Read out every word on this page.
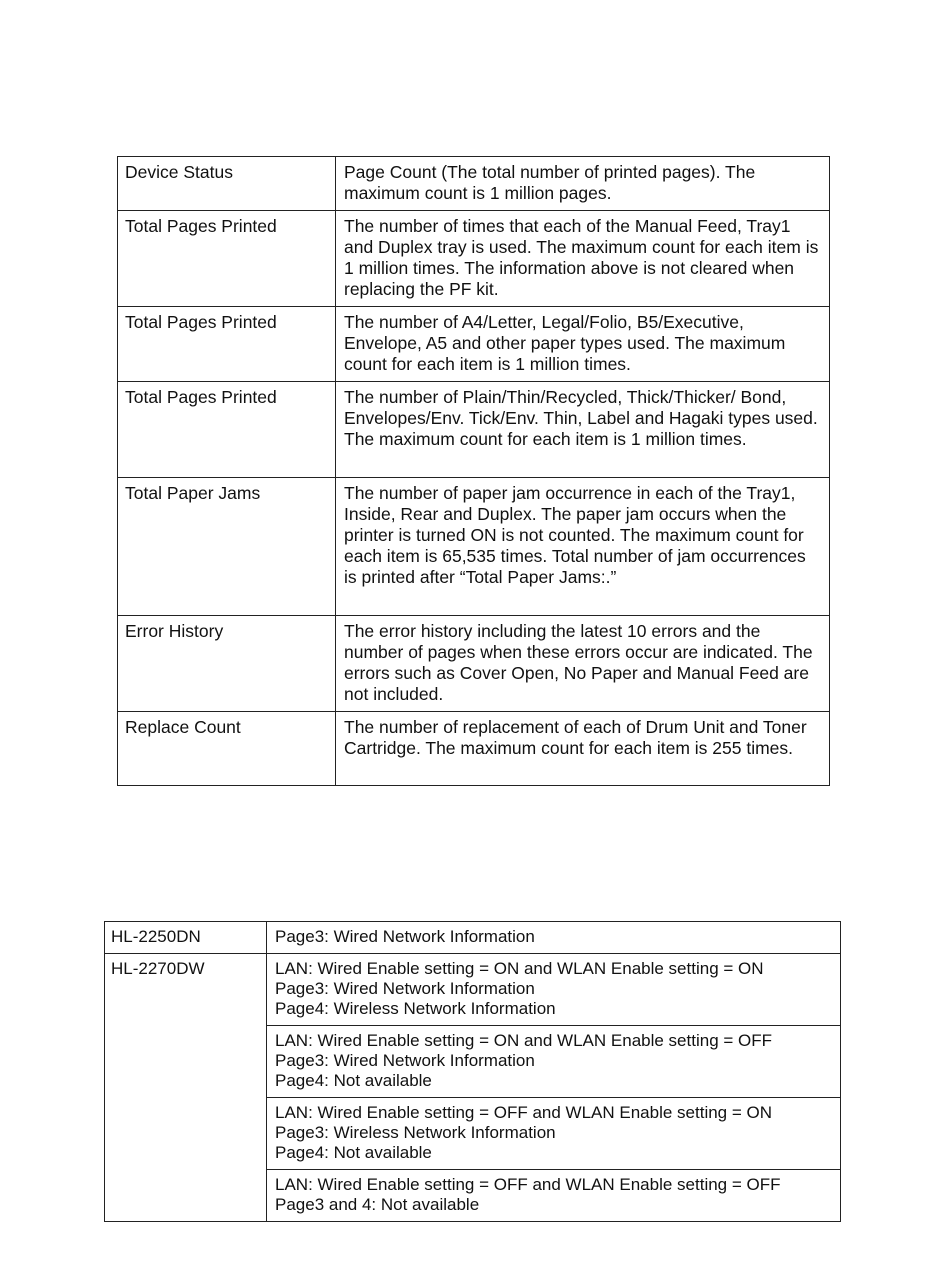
Device Status	Page Count (The total number of printed pages). The maximum count is 1 million pages.
Total Pages Printed	The number of times that each of the Manual Feed, Tray1 and Duplex tray is used. The maximum count for each item is 1 million times. The information above is not cleared when replacing the PF kit.
Total Pages Printed	The number of A4/Letter, Legal/Folio, B5/Executive, Envelope, A5 and other paper types used. The maximum count for each item is 1 million times.
Total Pages Printed	The number of Plain/Thin/Recycled, Thick/Thicker/ Bond, Envelopes/Env. Tick/Env. Thin, Label and Hagaki types used. The maximum count for each item is 1 million times.
Total Paper Jams	The number of paper jam occurrence in each of the Tray1, Inside, Rear and Duplex. The paper jam occurs when the printer is turned ON is not counted. The maximum count for each item is 65,535 times. Total number of jam occurrences is printed after “Total Paper Jams:.”
Error History	The error history including the latest 10 errors and the number of pages when these errors occur are indicated. The errors such as Cover Open, No Paper and Manual Feed are not included.
Replace Count	The number of replacement of each of Drum Unit and Toner Cartridge. The maximum count for each item is 255 times.
HL-2250DN	Page3: Wired Network Information
HL-2270DW	LAN: Wired Enable setting = ON and WLAN Enable setting = ON
Page3: Wired Network Information
Page4: Wireless Network Information

	LAN: Wired Enable setting = ON and WLAN Enable setting = OFF
Page3: Wired Network Information
Page4: Not available

	LAN: Wired Enable setting = OFF and WLAN Enable setting = ON
Page3: Wireless Network Information
Page4: Not available

	LAN: Wired Enable setting = OFF and WLAN Enable setting = OFF
Page3 and 4: Not available
